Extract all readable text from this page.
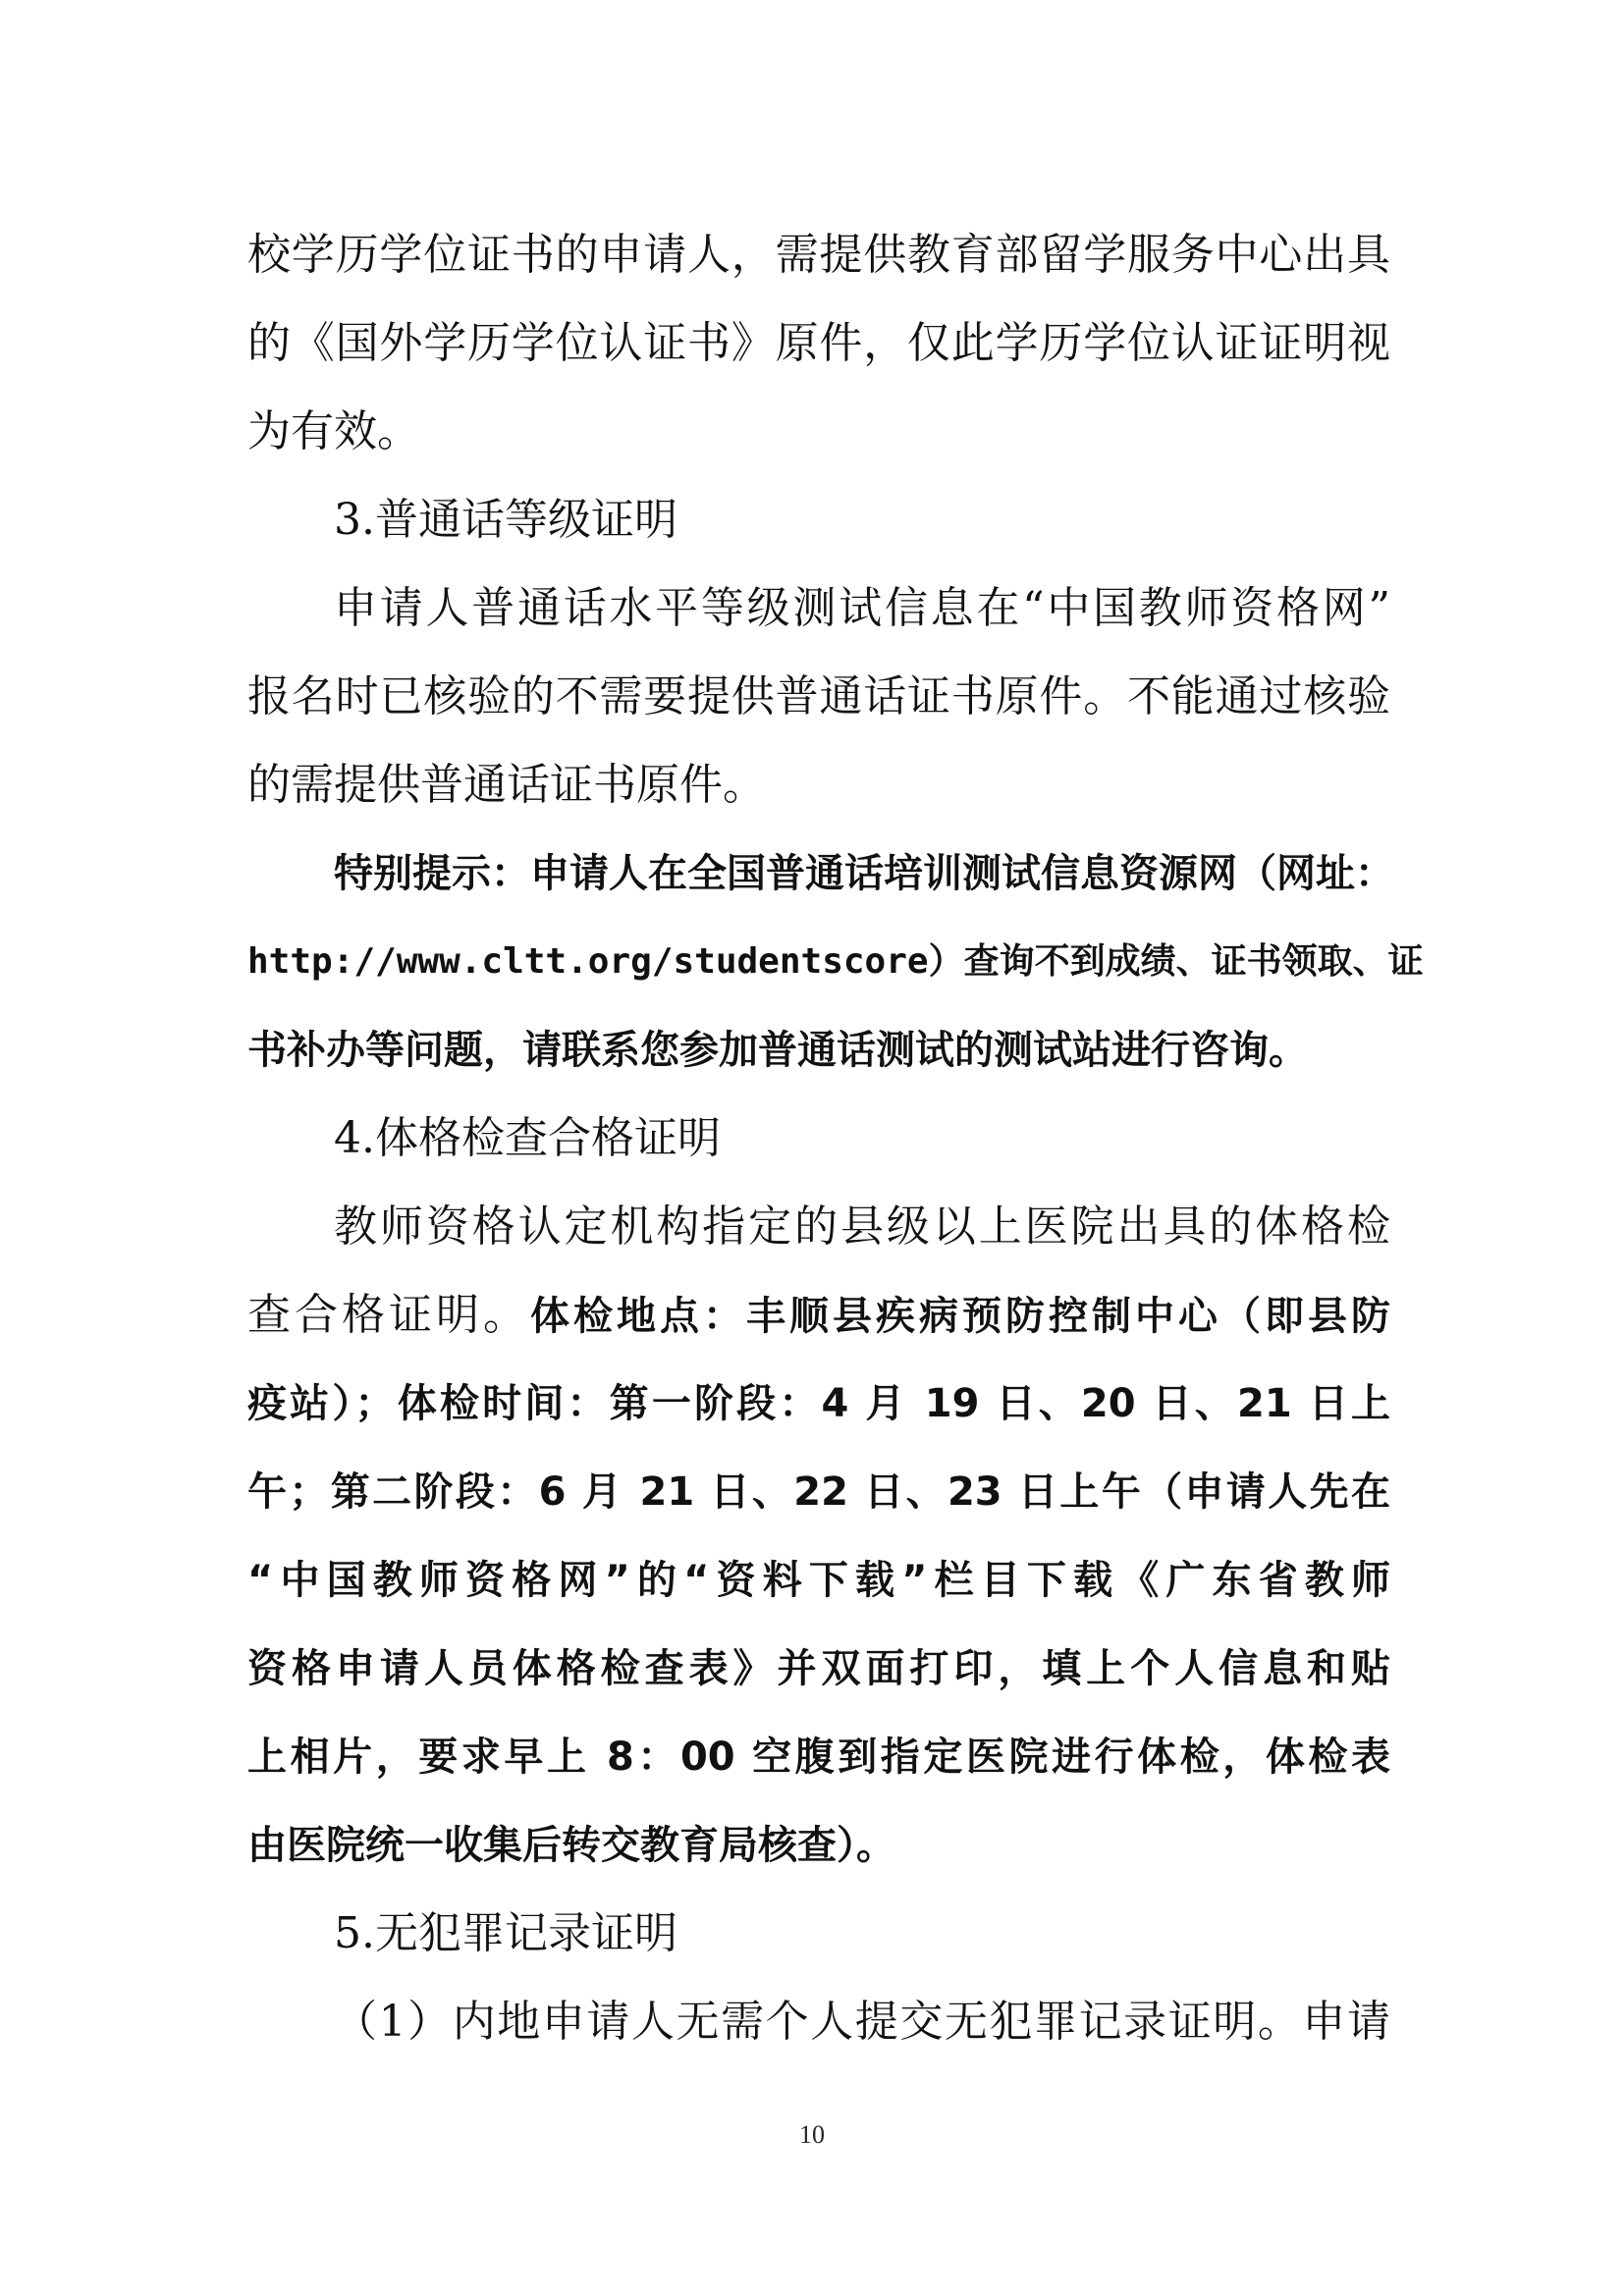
校学历学位证书的申请人，需提供教育部留学服务中心出具
的《国外学历学位认证书》原件，仅此学历学位认证证明视
为有效。
3.普通话等级证明
申请人普通话水平等级测试信息在“中国教师资格网”
报名时已核验的不需要提供普通话证书原件。不能通过核验
的需提供普通话证书原件。
特别提示：申请人在全国普通话培训测试信息资源网（网址：
http://www.cltt.org/studentscore）查询不到成绩、证书领取、证
书补办等问题，请联系您参加普通话测试的测试站进行咨询。
4.体格检查合格证明
教师资格认定机构指定的县级以上医院出具的体格检
查合格证明。体检地点：丰顺县疾病预防控制中心（即县防
疫站）；体检时间：第一阶段：4 月 19 日、20 日、21 日上
午；第二阶段：6 月 21 日、22 日、23 日上午（申请人先在
“中国教师资格网”的“资料下载”栏目下载《广东省教师
资格申请人员体格检查表》并双面打印，填上个人信息和贴
上相片，要求早上 8：00 空腹到指定医院进行体检，体检表
由医院统一收集后转交教育局核查）。
5.无犯罪记录证明
（1）内地申请人无需个人提交无犯罪记录证明。申请
10
